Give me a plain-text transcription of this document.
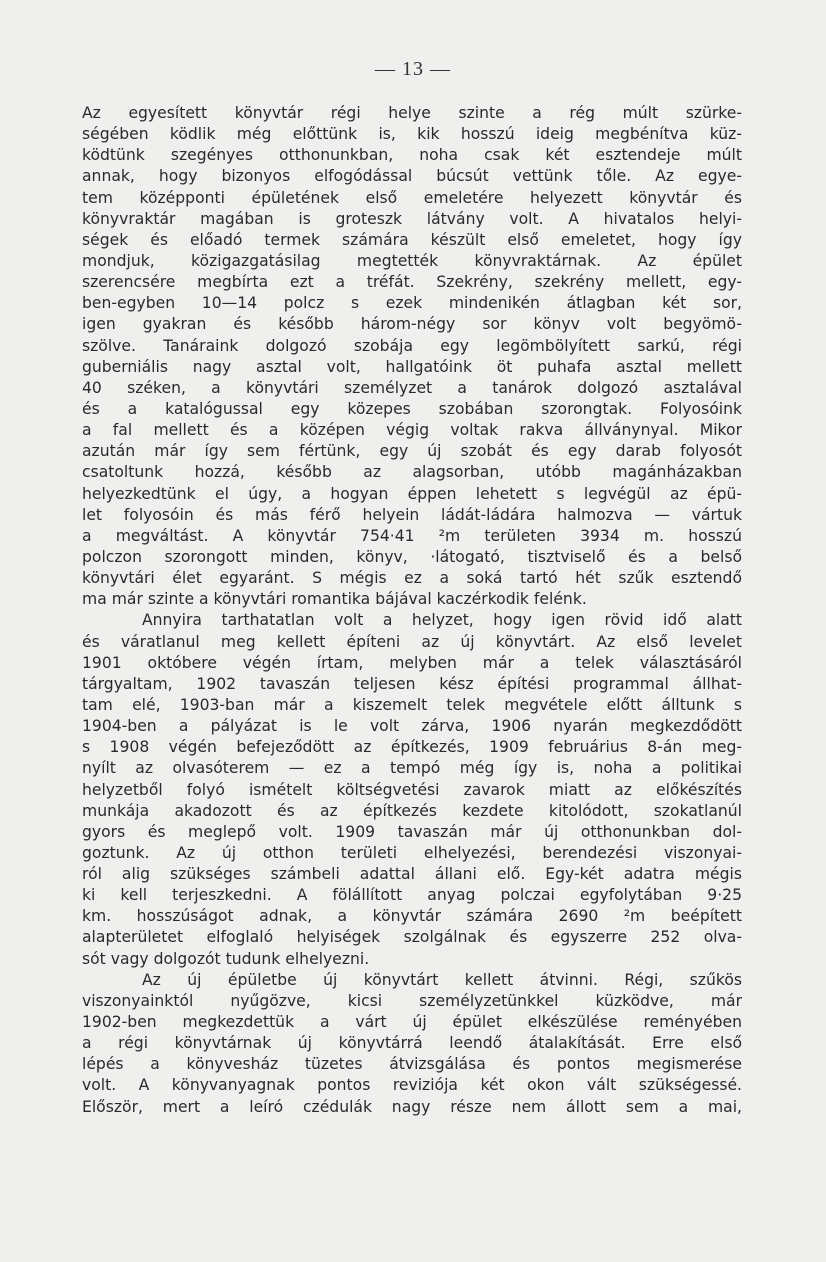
— 13 —
Az egyesített könyvtár régi helye szinte a rég múlt szürke-
ségében ködlik még előttünk is, kik hosszú ideig megbénítva küz-
ködtünk szegényes otthonunkban, noha csak két esztendeje múlt
annak, hogy bizonyos elfogódással búcsút vettünk tőle. Az egye-
tem középponti épületének első emeletére helyezett könyvtár és
könyvraktár magában is groteszk látvány volt. A hivatalos helyi-
ségek és előadó termek számára készült első emeletet, hogy így
mondjuk, közigazgatásilag megtették könyvraktárnak. Az épület
szerencsére megbírta ezt a tréfát. Szekrény, szekrény mellett, egy-
ben-egyben 10—14 polcz s ezek mindenikén átlagban két sor,
igen gyakran és később három-négy sor könyv volt begyömö-
szölve. Tanáraink dolgozó szobája egy legömbölyített sarkú, régi
guberniális nagy asztal volt, hallgatóink öt puhafa asztal mellett
40 széken, a könyvtári személyzet a tanárok dolgozó asztalával
és a katalógussal egy közepes szobában szorongtak. Folyosóink
a fal mellett és a középen végig voltak rakva állványnyal. Mikor
azután már így sem fértünk, egy új szobát és egy darab folyosót
csatoltunk hozzá, később az alagsorban, utóbb magánházakban
helyezkedtünk el úgy, a hogyan éppen lehetett s legvégül az épü-
let folyosóin és más férő helyein ládát-ládára halmozva — vártuk
a megváltást. A könyvtár 754·41 ²m területen 3934 m. hosszú
polczon szorongott minden, könyv, ·látogató, tisztviselő és a belső
könyvtári élet egyaránt. S mégis ez a soká tartó hét szűk esztendő
ma már szinte a könyvtári romantika bájával kaczérkodik felénk.
Annyira tarthatatlan volt a helyzet, hogy igen rövid idő alatt
és váratlanul meg kellett építeni az új könyvtárt. Az első levelet
1901 októbere végén írtam, melyben már a telek választásáról
tárgyaltam, 1902 tavaszán teljesen kész építési programmal állhat-
tam elé, 1903-ban már a kiszemelt telek megvétele előtt álltunk s
1904-ben a pályázat is le volt zárva, 1906 nyarán megkezdődött
s 1908 végén befejeződött az építkezés, 1909 februárius 8-án meg-
nyílt az olvasóterem — ez a tempó még így is, noha a politikai
helyzetből folyó ismételt költségvetési zavarok miatt az előkészítés
munkája akadozott és az építkezés kezdete kitolódott, szokatlanúl
gyors és meglepő volt. 1909 tavaszán már új otthonunkban dol-
goztunk. Az új otthon területi elhelyezési, berendezési viszonyai-
ról alig szükséges számbeli adattal állani elő. Egy-két adatra mégis
ki kell terjeszkedni. A fölállított anyag polczai egyfolytában 9·25
km. hosszúságot adnak, a könyvtár számára 2690 ²m beépített
alapterületet elfoglaló helyiségek szolgálnak és egyszerre 252 olva-
sót vagy dolgozót tudunk elhelyezni.
Az új épületbe új könyvtárt kellett átvinni. Régi, szűkös
viszonyainktól nyűgözve, kicsi személyzetünkkel küzködve, már
1902-ben megkezdettük a várt új épület elkészülése reményében
a régi könyvtárnak új könyvtárrá leendő átalakítását. Erre első
lépés a könyvesház tüzetes átvizsgálása és pontos megismerése
volt. A könyvanyagnak pontos reviziója két okon vált szükségessé.
Először, mert a leíró czédulák nagy része nem állott sem a mai,
